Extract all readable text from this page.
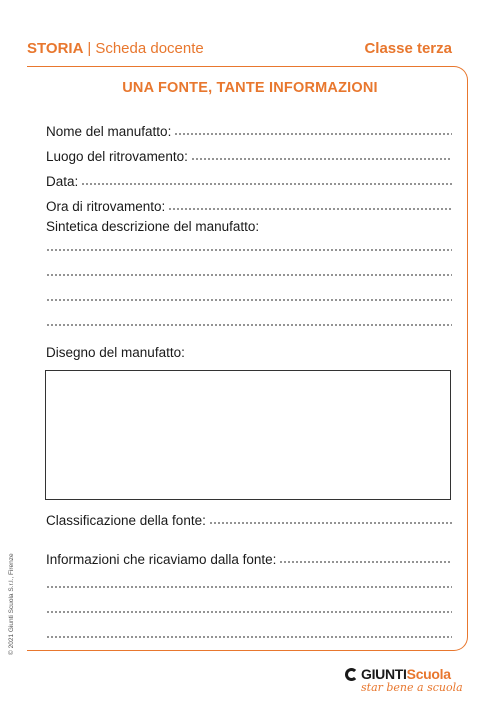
STORIA | Scheda docente	Classe terza
UNA FONTE, TANTE INFORMAZIONI
Nome del manufatto:
Luogo del ritrovamento:
Data:
Ora di ritrovamento:
Sintetica descrizione del manufatto:
Disegno del manufatto:
Classificazione della fonte:
Informazioni che ricaviamo dalla fonte:
© 2021 Giunti Scuola S.r.l., Firenze
GIUNTI Scuola
star bene a scuola
